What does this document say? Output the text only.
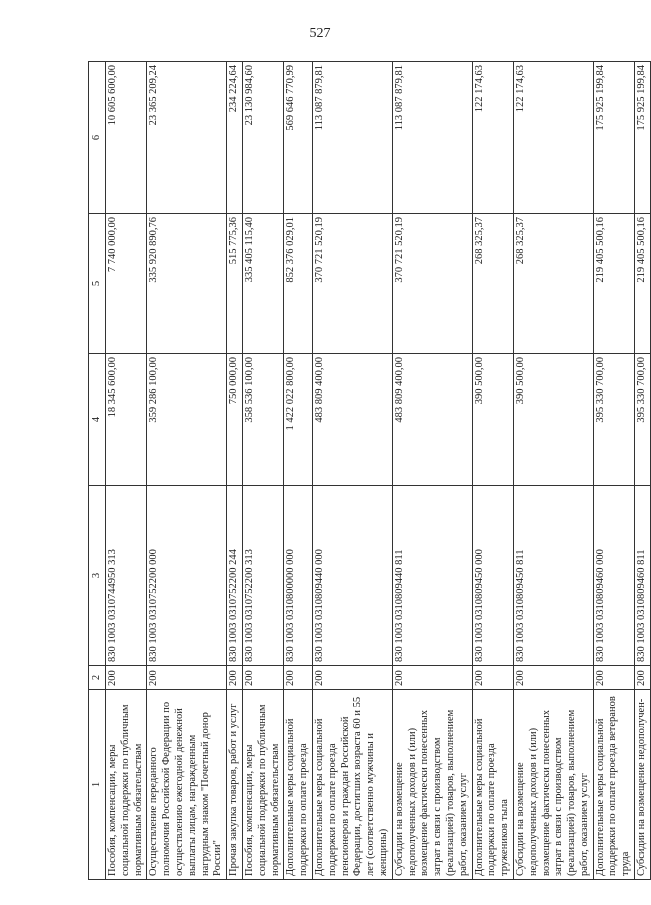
527
1	2	3	4	5	6
Пособия, компенсации, меры социальной поддержки по публичным нормативным обязательствам	200	830 1003 0310744950 313	18 345 600,00	7 740 000,00	10 605 600,00
Осуществление переданного полномочия Российской Федерации по осуществлению ежегодной денежной выплаты лицам, награжденным нагрудным знаком "Почетный донор России"	200	830 1003 0310752200 000	359 286 100,00	335 920 890,76	23 365 209,24
Прочая закупка товаров, работ и услуг	200	830 1003 0310752200 244	750 000,00	515 775,36	234 224,64
Пособия, компенсации, меры социальной поддержки по публичным нормативным обязательствам	200	830 1003 0310752200 313	358 536 100,00	335 405 115,40	23 130 984,60
Дополнительные меры социальной поддержки по оплате проезда	200	830 1003 0310800000 000	1 422 022 800,00	852 376 029,01	569 646 770,99
Дополнительные меры социальной поддержки по оплате проезда пенсионеров и граждан Российской Федерации, достигших возраста 60 и 55 лет (соответственно мужчины и женщины)	200	830 1003 0310809440 000	483 809 400,00	370 721 520,19	113 087 879,81
Субсидии на возмещение недополученных доходов и (или) возмещение фактически понесенных затрат в связи с производством (реализацией) товаров, выполнением работ, оказанием услуг	200	830 1003 0310809440 811	483 809 400,00	370 721 520,19	113 087 879,81
Дополнительные меры социальной поддержки по оплате проезда тружеников тыла	200	830 1003 0310809450 000	390 500,00	268 325,37	122 174,63
Субсидии на возмещение недополученных доходов и (или) возмещение фактически понесенных затрат в связи с производством (реализацией) товаров, выполнением работ, оказанием услуг	200	830 1003 0310809450 811	390 500,00	268 325,37	122 174,63
Дополнительные меры социальной поддержки по оплате проезда ветеранов труда	200	830 1003 0310809460 000	395 330 700,00	219 405 500,16	175 925 199,84
Субсидии на возмещение недополучен-	200	830 1003 0310809460 811	395 330 700,00	219 405 500,16	175 925 199,84
